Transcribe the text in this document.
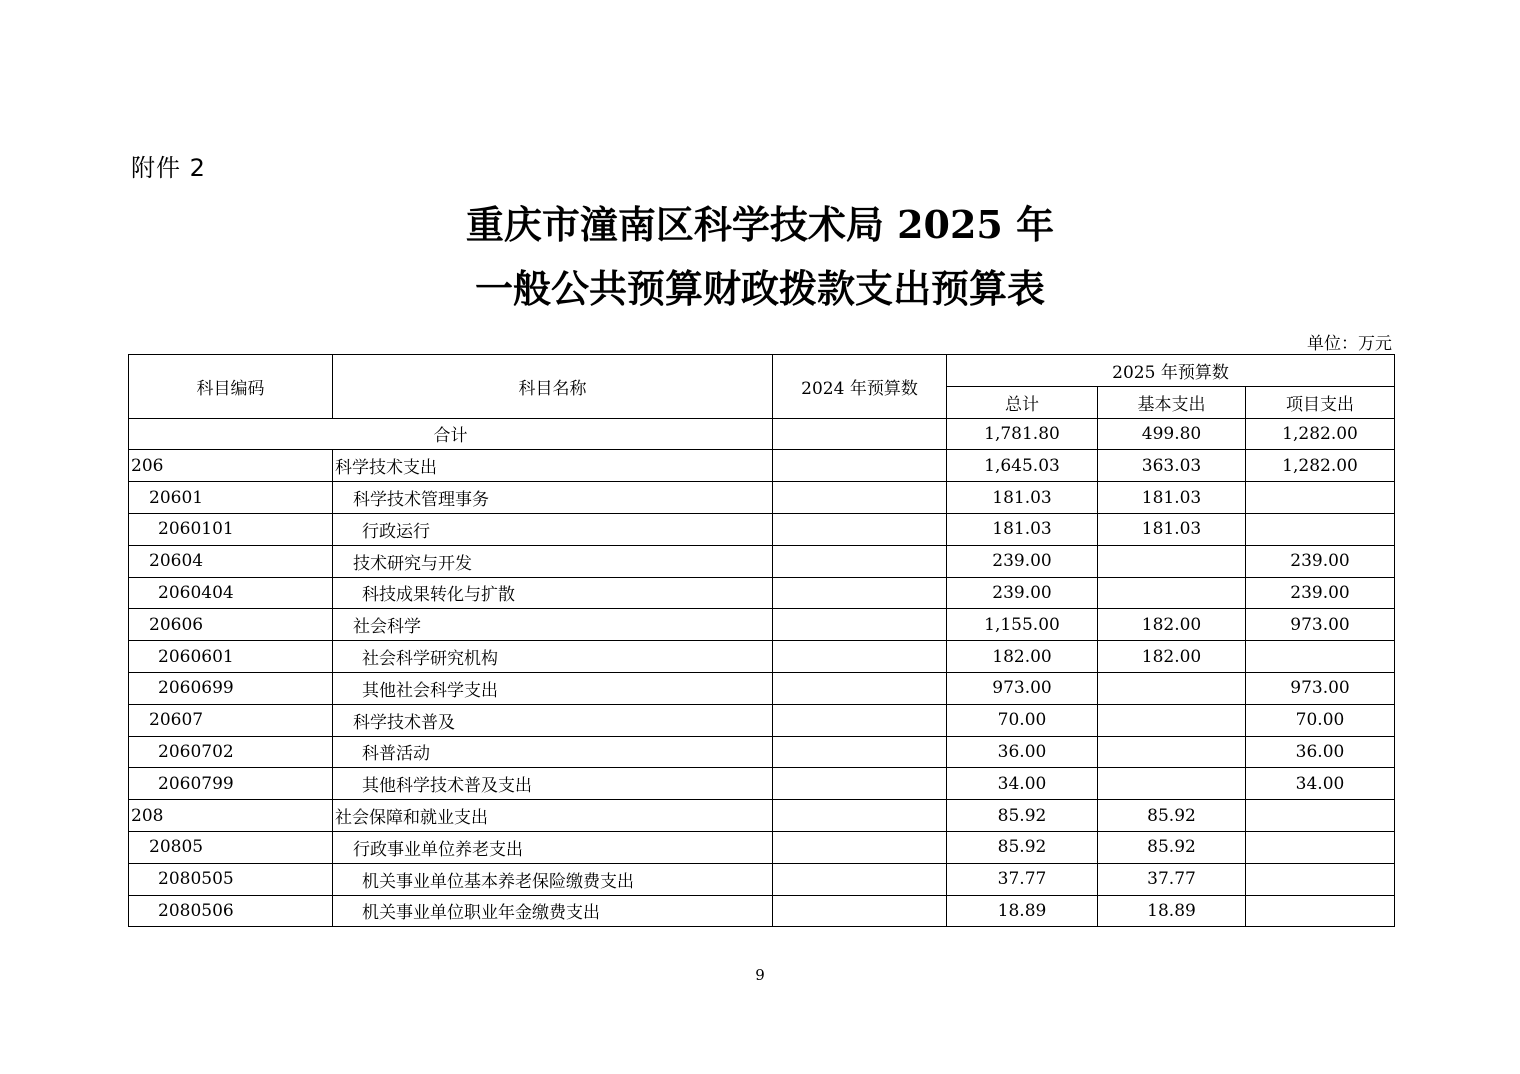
附件 2
重庆市潼南区科学技术局 2025 年
一般公共预算财政拨款支出预算表
单位：万元
科目编码	科目名称	2024 年预算数	2025 年预算数		
			总计	基本支出	项目支出
合计			1,781.80	499.80	1,282.00
206	科学技术支出		1,645.03	363.03	1,282.00
20601	科学技术管理事务		181.03	181.03	
2060101	行政运行		181.03	181.03	
20604	技术研究与开发		239.00		239.00
2060404	科技成果转化与扩散		239.00		239.00
20606	社会科学		1,155.00	182.00	973.00
2060601	社会科学研究机构		182.00	182.00	
2060699	其他社会科学支出		973.00		973.00
20607	科学技术普及		70.00		70.00
2060702	科普活动		36.00		36.00
2060799	其他科学技术普及支出		34.00		34.00
208	社会保障和就业支出		85.92	85.92	
20805	行政事业单位养老支出		85.92	85.92	
2080505	机关事业单位基本养老保险缴费支出		37.77	37.77	
2080506	机关事业单位职业年金缴费支出		18.89	18.89	
9
